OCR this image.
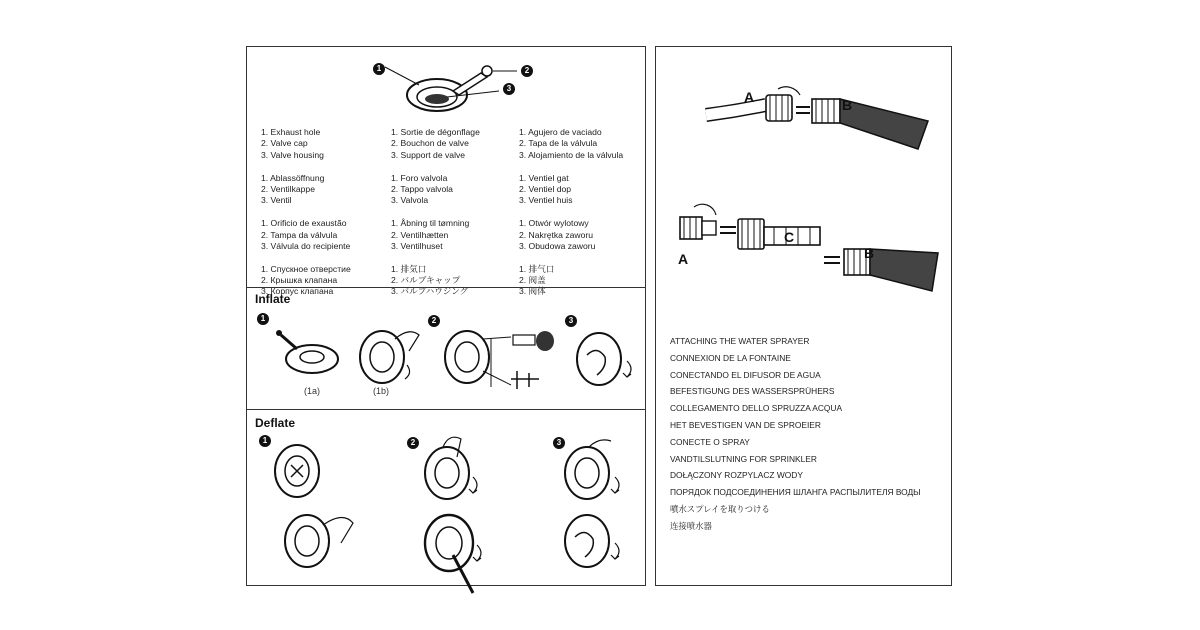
1	2
3
1. Exhaust hole
2. Valve cap
3. Valve housing
1. Ablassöffnung
2. Ventilkappe
3. Ventil
1. Orificio de exaustão
2. Tampa da válvula
3. Válvula do recipiente
1. Спускное отверстие
2. Крышка клапана
3. Корпус клапана
1. Sortie de dégonflage
2. Bouchon de valve
3. Support de valve
1. Foro valvola
2. Tappo valvola
3. Valvola
1. Åbning til tømning
2. Ventilhætten
3. Ventilhuset
1. 排気口
2. バルブキャップ
3. バルブハウジング
1. Agujero de vaciado
2. Tapa de la válvula
3. Alojamiento de la válvula
1. Ventiel gat
2. Ventiel dop
3. Ventiel huis
1. Otwór wylotowy
2. Nakrętka zaworu
3. Obudowa zaworu
1. 排气口
2. 阀盖
3. 阀体
Inflate
1	2	3
(1a)	(1b)
Deflate
1	2	3
A	B
A
C
B
ATTACHING THE WATER SPRAYER
CONNEXION DE LA FONTAINE
CONECTANDO EL DIFUSOR DE AGUA
BEFESTIGUNG DES WASSERSPRÜHERS
COLLEGAMENTO DELLO SPRUZZA ACQUA
HET BEVESTIGEN VAN DE SPROEIER
CONECTE O SPRAY
VANDTILSLUTNING FOR SPRINKLER
DOŁĄCZONY ROZPYLACZ WODY
ПОРЯДОК ПОДСОЕДИНЕНИЯ ШЛАНГА РАСПЫЛИТЕЛЯ ВОДЫ
噴水スプレイを取りつける
连接喷水器
